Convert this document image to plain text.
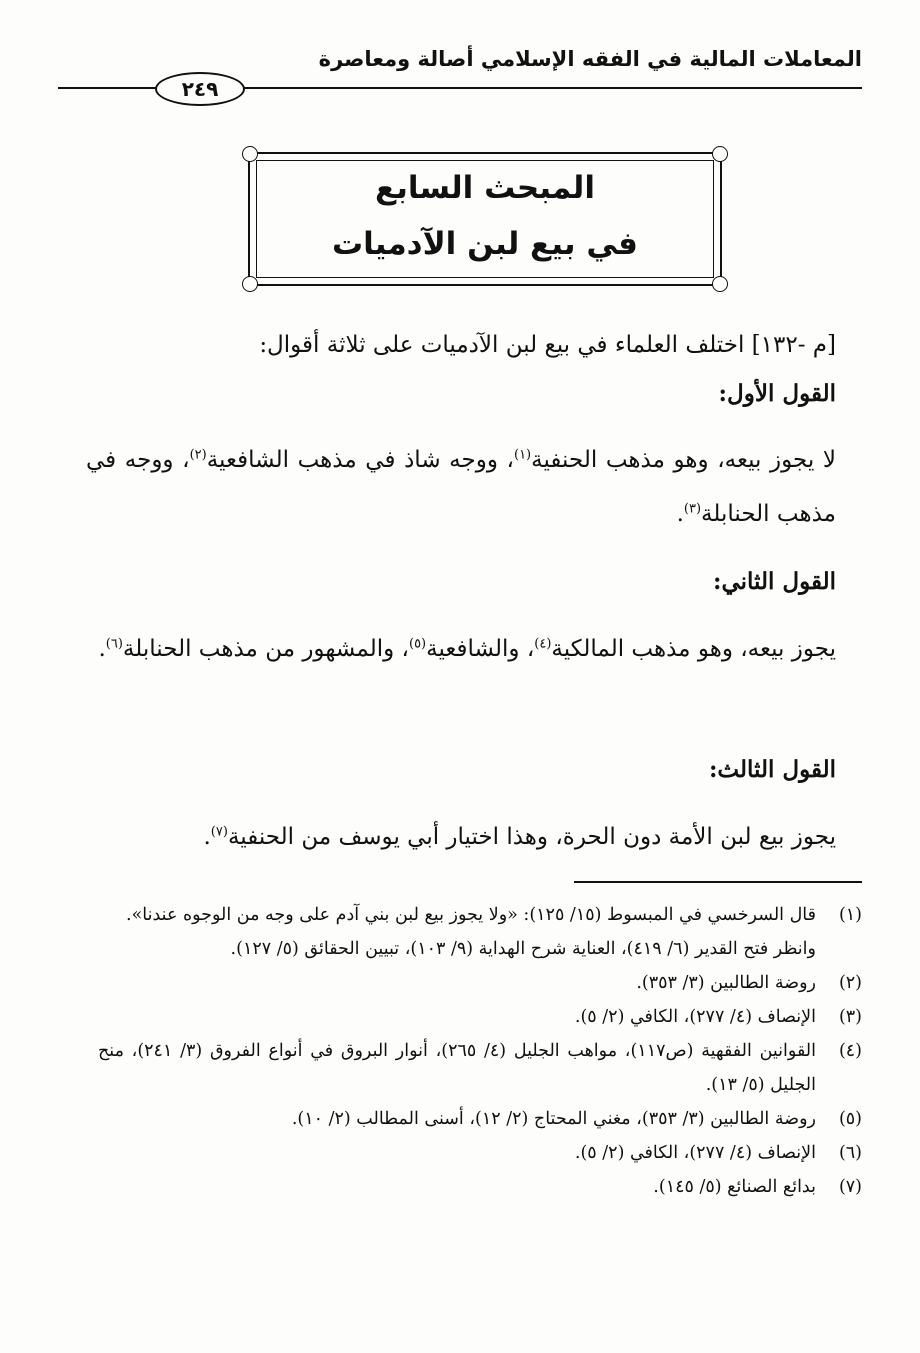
المعاملات المالية في الفقه الإسلامي أصالة ومعاصرة
٢٤٩
المبحث السابع
في بيع لبن الآدميات
[م -١٣٢] اختلف العلماء في بيع لبن الآدميات على ثلاثة أقوال:
القول الأول:
لا يجوز بيعه، وهو مذهب الحنفية$^{(١)}$، ووجه شاذ في مذهب الشافعية$^{(٢)}$، ووجه في مذهب الحنابلة$^{(٣)}$.
القول الثاني:
يجوز بيعه، وهو مذهب المالكية$^{(٤)}$، والشافعية$^{(٥)}$، والمشهور من مذهب الحنابلة$^{(٦)}$.
القول الثالث:
يجوز بيع لبن الأمة دون الحرة، وهذا اختيار أبي يوسف من الحنفية$^{(٧)}$.
(١)
قال السرخسي في المبسوط (١٥/ ١٢٥): «ولا يجوز بيع لبن بني آدم على وجه من الوجوه عندنا».
وانظر فتح القدير (٦/ ٤١٩)، العناية شرح الهداية (٩/ ١٠٣)، تبيين الحقائق (٥/ ١٢٧).
(٢)
روضة الطالبين (٣/ ٣٥٣).
(٣)
الإنصاف (٤/ ٢٧٧)، الكافي (٢/ ٥).
(٤)
القوانين الفقهية (ص١١٧)، مواهب الجليل (٤/ ٢٦٥)، أنوار البروق في أنواع الفروق (٣/ ٢٤١)، منح الجليل (٥/ ١٣).
(٥)
روضة الطالبين (٣/ ٣٥٣)، مغني المحتاج (٢/ ١٢)، أسنى المطالب (٢/ ١٠).
(٦)
الإنصاف (٤/ ٢٧٧)، الكافي (٢/ ٥).
(٧)
بدائع الصنائع (٥/ ١٤٥).
